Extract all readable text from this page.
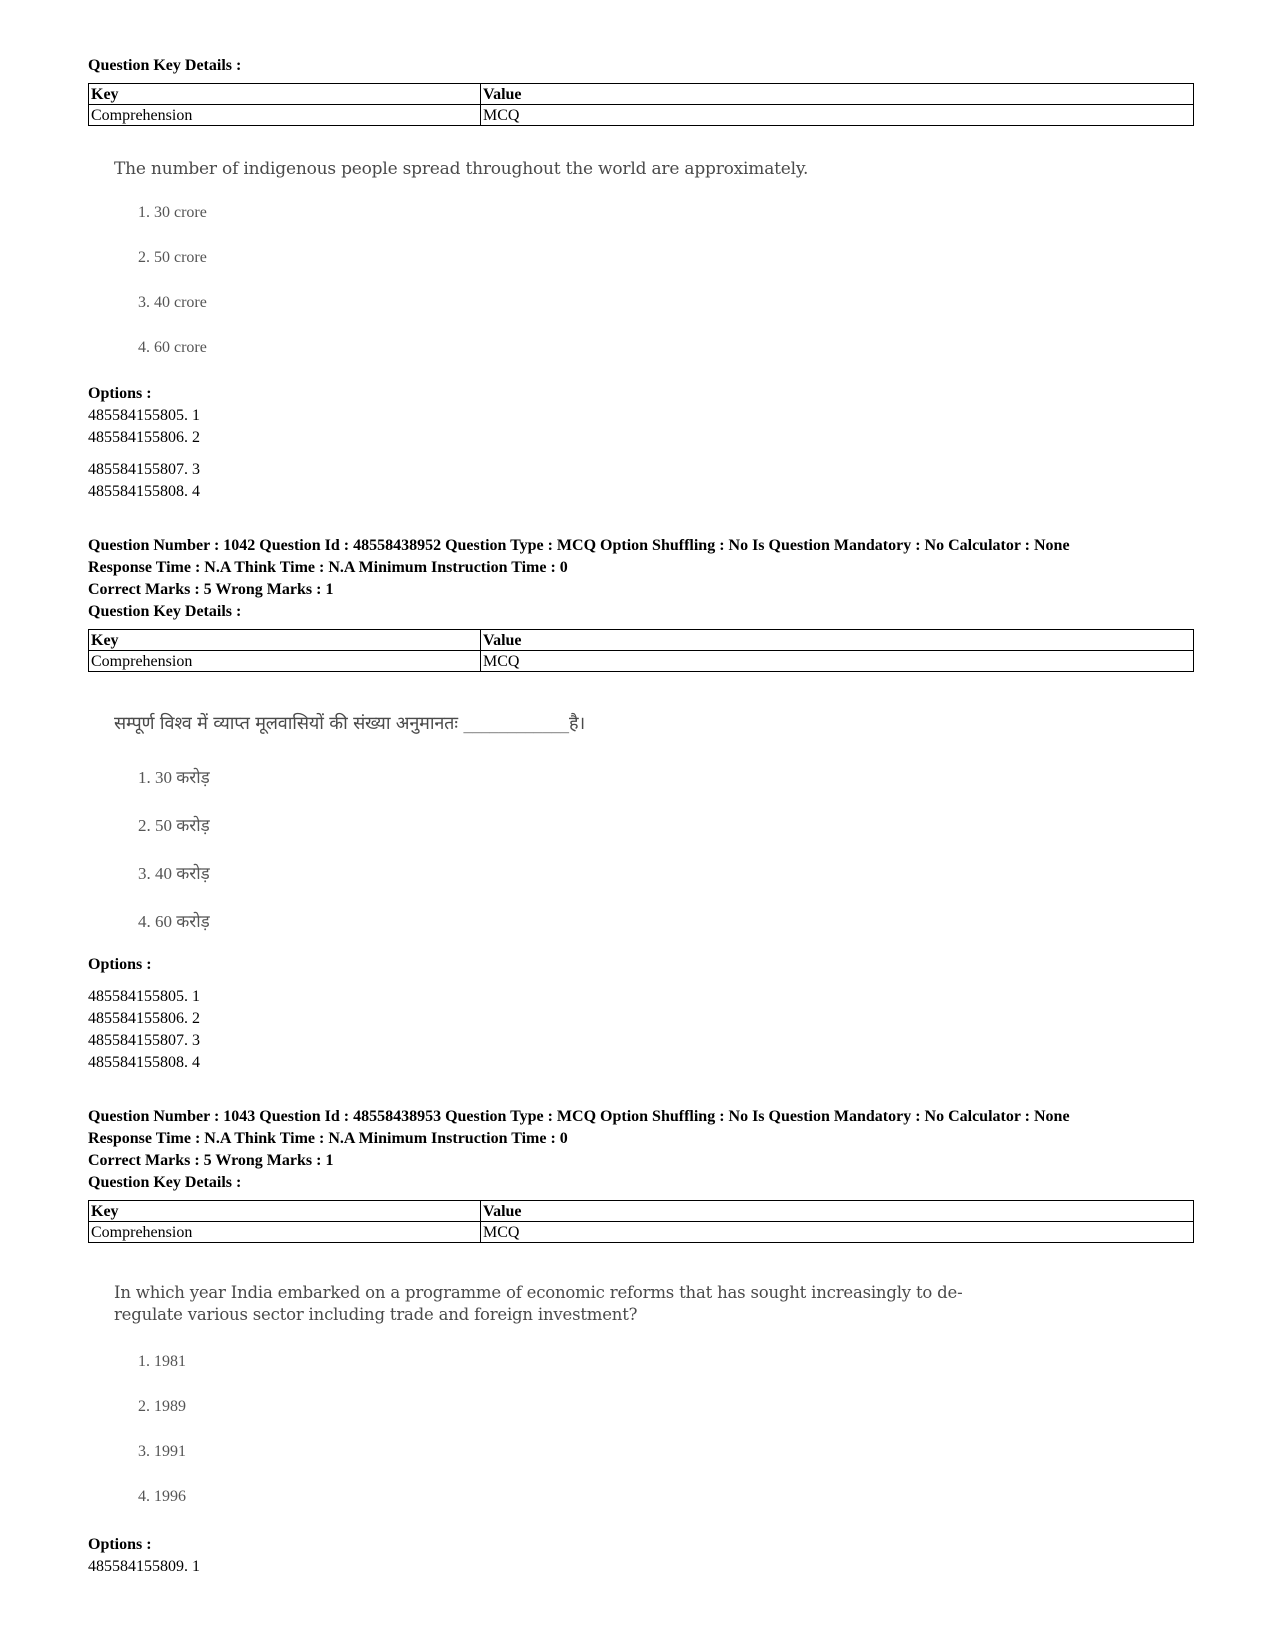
Question Key Details :
Key	Value
Comprehension	MCQ
The number of indigenous people spread throughout the world are approximately.
1. 30 crore
2. 50 crore
3. 40 crore
4. 60 crore
Options :
485584155805. 1
485584155806. 2
485584155807. 3
485584155808. 4
Question Number : 1042 Question Id : 48558438952 Question Type : MCQ Option Shuffling : No Is Question Mandatory : No Calculator : None
Response Time : N.A Think Time : N.A Minimum Instruction Time : 0
Correct Marks : 5 Wrong Marks : 1
Question Key Details :
Key	Value
Comprehension	MCQ
सम्पूर्ण विश्व में व्याप्त मूलवासियों की संख्या अनुमानतः ____________है।
1. 30 करोड़
2. 50 करोड़
3. 40 करोड़
4. 60 करोड़
Options :
485584155805. 1
485584155806. 2
485584155807. 3
485584155808. 4
Question Number : 1043 Question Id : 48558438953 Question Type : MCQ Option Shuffling : No Is Question Mandatory : No Calculator : None
Response Time : N.A Think Time : N.A Minimum Instruction Time : 0
Correct Marks : 5 Wrong Marks : 1
Question Key Details :
Key	Value
Comprehension	MCQ
In which year India embarked on a programme of economic reforms that has sought increasingly to de-
regulate various sector including trade and foreign investment?
1. 1981
2. 1989
3. 1991
4. 1996
Options :
485584155809. 1
